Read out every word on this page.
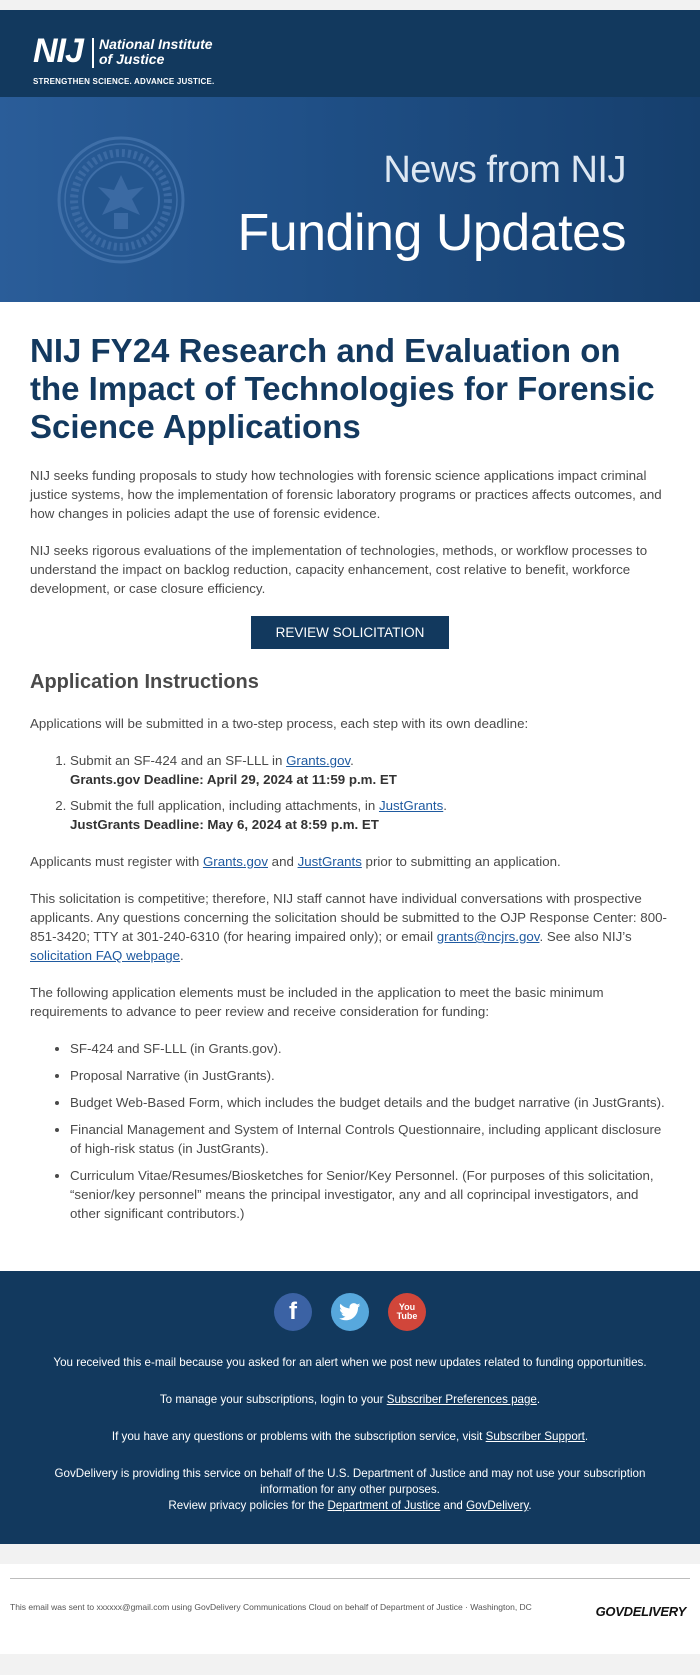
NIJ National Institute
of Justice
STRENGTHEN SCIENCE. ADVANCE JUSTICE.
News from NIJ
Funding Updates
NIJ FY24 Research and Evaluation on the Impact of Technologies for Forensic Science Applications

NIJ seeks funding proposals to study how technologies with forensic science applications impact criminal justice systems, how the implementation of forensic laboratory programs or practices affects outcomes, and how changes in policies adapt the use of forensic evidence.

NIJ seeks rigorous evaluations of the implementation of technologies, methods, or workflow processes to understand the impact on backlog reduction, capacity enhancement, cost relative to benefit, workforce development, or case closure efficiency.

REVIEW SOLICITATION
Application Instructions

Applications will be submitted in a two-step process, each step with its own deadline:

1. Submit an SF-424 and an SF-LLL in Grants.gov.
Grants.gov Deadline: April 29, 2024 at 11:59 p.m. ET
2. Submit the full application, including attachments, in JustGrants.
JustGrants Deadline: May 6, 2024 at 8:59 p.m. ET

Applicants must register with Grants.gov and JustGrants prior to submitting an application.

This solicitation is competitive; therefore, NIJ staff cannot have individual conversations with prospective applicants. Any questions concerning the solicitation should be submitted to the OJP Response Center: 800-851-3420; TTY at 301-240-6310 (for hearing impaired only); or email grants@ncjrs.gov. See also NIJ’s solicitation FAQ webpage.

The following application elements must be included in the application to meet the basic minimum requirements to advance to peer review and receive consideration for funding:

• SF-424 and SF-LLL (in Grants.gov).
• Proposal Narrative (in JustGrants).
• Budget Web-Based Form, which includes the budget details and the budget narrative (in JustGrants).
• Financial Management and System of Internal Controls Questionnaire, including applicant disclosure of high-risk status (in JustGrants).
• Curriculum Vitae/Resumes/Biosketches for Senior/Key Personnel. (For purposes of this solicitation, “senior/key personnel” means the principal investigator, any and all coprincipal investigators, and other significant contributors.)
f	You
Tube

You received this e-mail because you asked for an alert when we post new updates related to funding opportunities.

To manage your subscriptions, login to your Subscriber Preferences page.

If you have any questions or problems with the subscription service, visit Subscriber Support.

GovDelivery is providing this service on behalf of the U.S. Department of Justice and may not use your subscription information for any other purposes.
Review privacy policies for the Department of Justice and GovDelivery.

This email was sent to xxxxxx@gmail.com using GovDelivery Communications Cloud on behalf of Department of Justice · Washington, DC	GOVDELIVERY
